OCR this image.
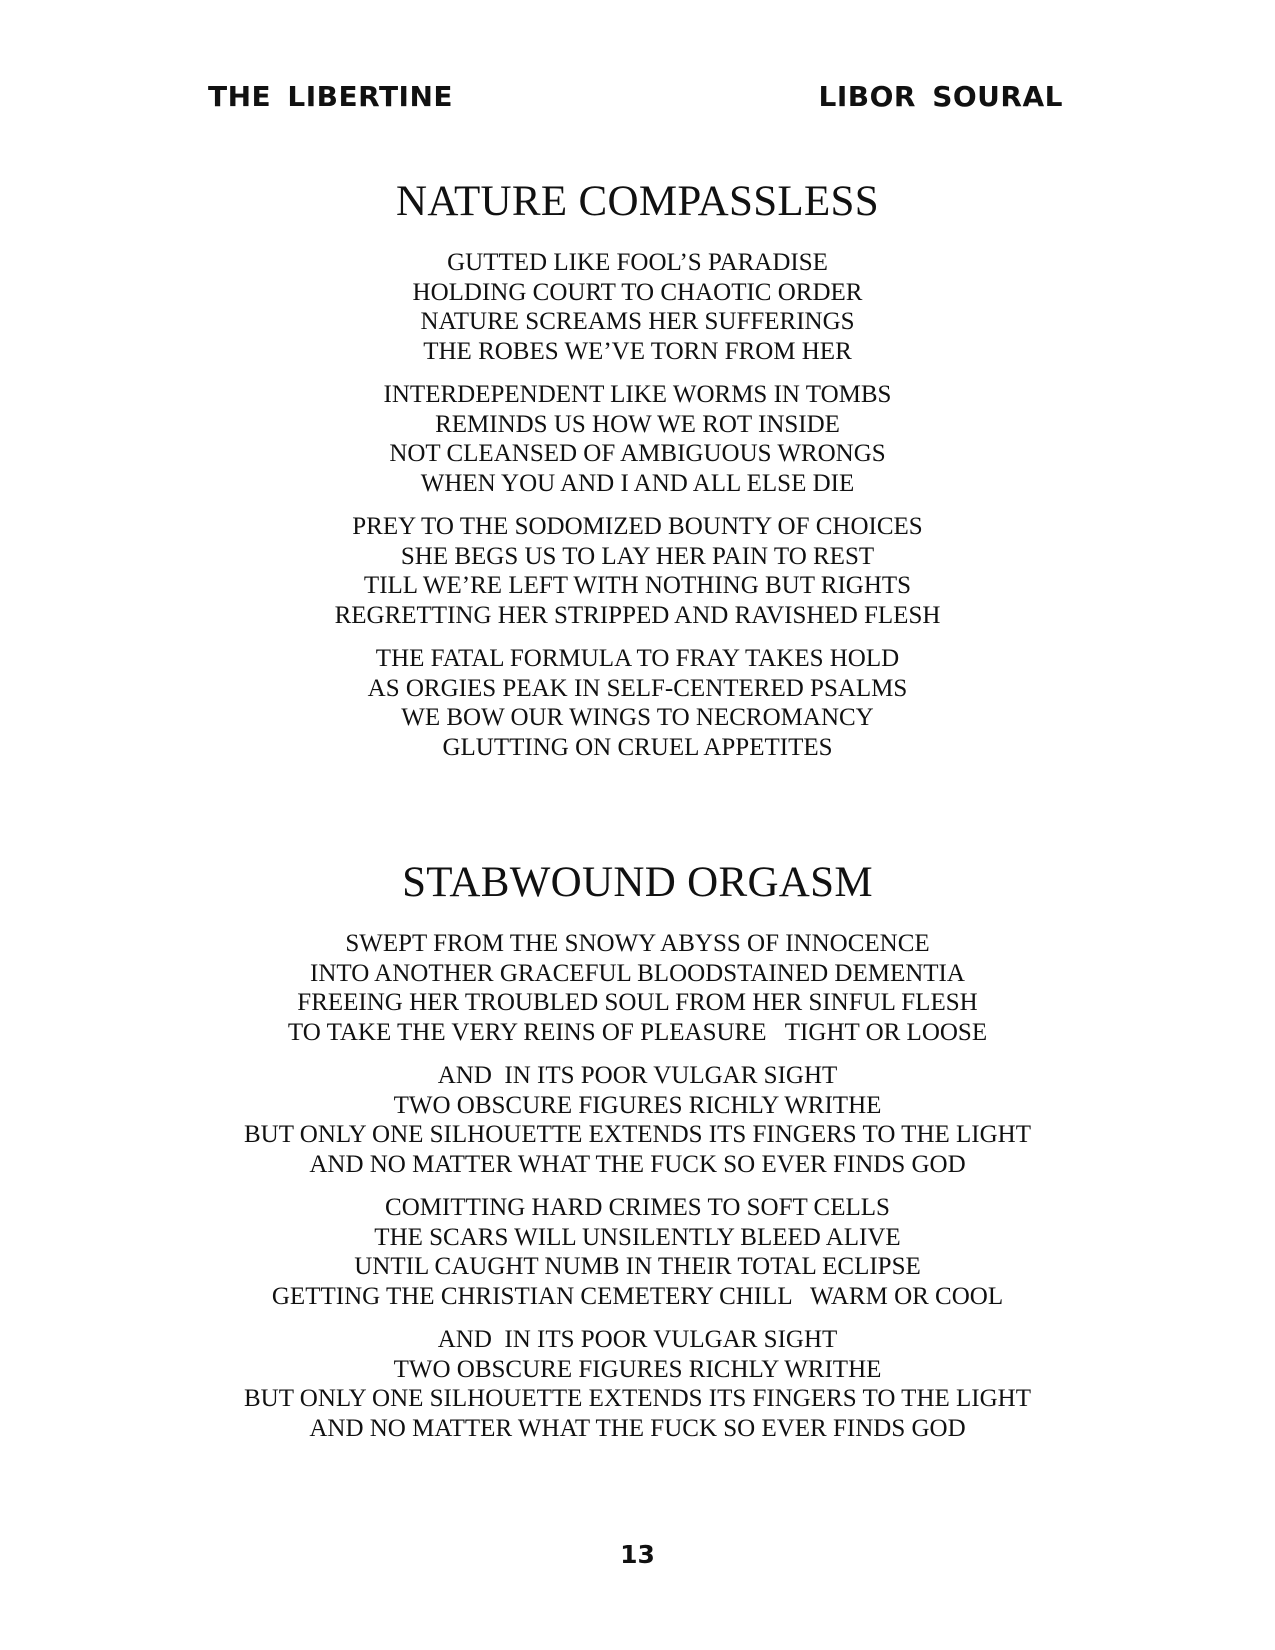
THE LIBERTINE	LIBOR SOURAL
NATURE COMPASSLESS
GUTTED LIKE FOOL’S PARADISE
HOLDING COURT TO CHAOTIC ORDER
NATURE SCREAMS HER SUFFERINGS
THE ROBES WE’VE TORN FROM HER
INTERDEPENDENT LIKE WORMS IN TOMBS
REMINDS US HOW WE ROT INSIDE
NOT CLEANSED OF AMBIGUOUS WRONGS
WHEN YOU AND I AND ALL ELSE DIE
PREY TO THE SODOMIZED BOUNTY OF CHOICES
SHE BEGS US TO LAY HER PAIN TO REST
TILL WE’RE LEFT WITH NOTHING BUT RIGHTS
REGRETTING HER STRIPPED AND RAVISHED FLESH
THE FATAL FORMULA TO FRAY TAKES HOLD
AS ORGIES PEAK IN SELF-CENTERED PSALMS
WE BOW OUR WINGS TO NECROMANCY
GLUTTING ON CRUEL APPETITES
STABWOUND ORGASM
SWEPT FROM THE SNOWY ABYSS OF INNOCENCE
INTO ANOTHER GRACEFUL BLOODSTAINED DEMENTIA
FREEING HER TROUBLED SOUL FROM HER SINFUL FLESH
TO TAKE THE VERY REINS OF PLEASURE   TIGHT OR LOOSE
AND  IN ITS POOR VULGAR SIGHT
TWO OBSCURE FIGURES RICHLY WRITHE
BUT ONLY ONE SILHOUETTE EXTENDS ITS FINGERS TO THE LIGHT
AND NO MATTER WHAT THE FUCK SO EVER FINDS GOD
COMITTING HARD CRIMES TO SOFT CELLS
THE SCARS WILL UNSILENTLY BLEED ALIVE
UNTIL CAUGHT NUMB IN THEIR TOTAL ECLIPSE
GETTING THE CHRISTIAN CEMETERY CHILL   WARM OR COOL
AND  IN ITS POOR VULGAR SIGHT
TWO OBSCURE FIGURES RICHLY WRITHE
BUT ONLY ONE SILHOUETTE EXTENDS ITS FINGERS TO THE LIGHT
AND NO MATTER WHAT THE FUCK SO EVER FINDS GOD
13
